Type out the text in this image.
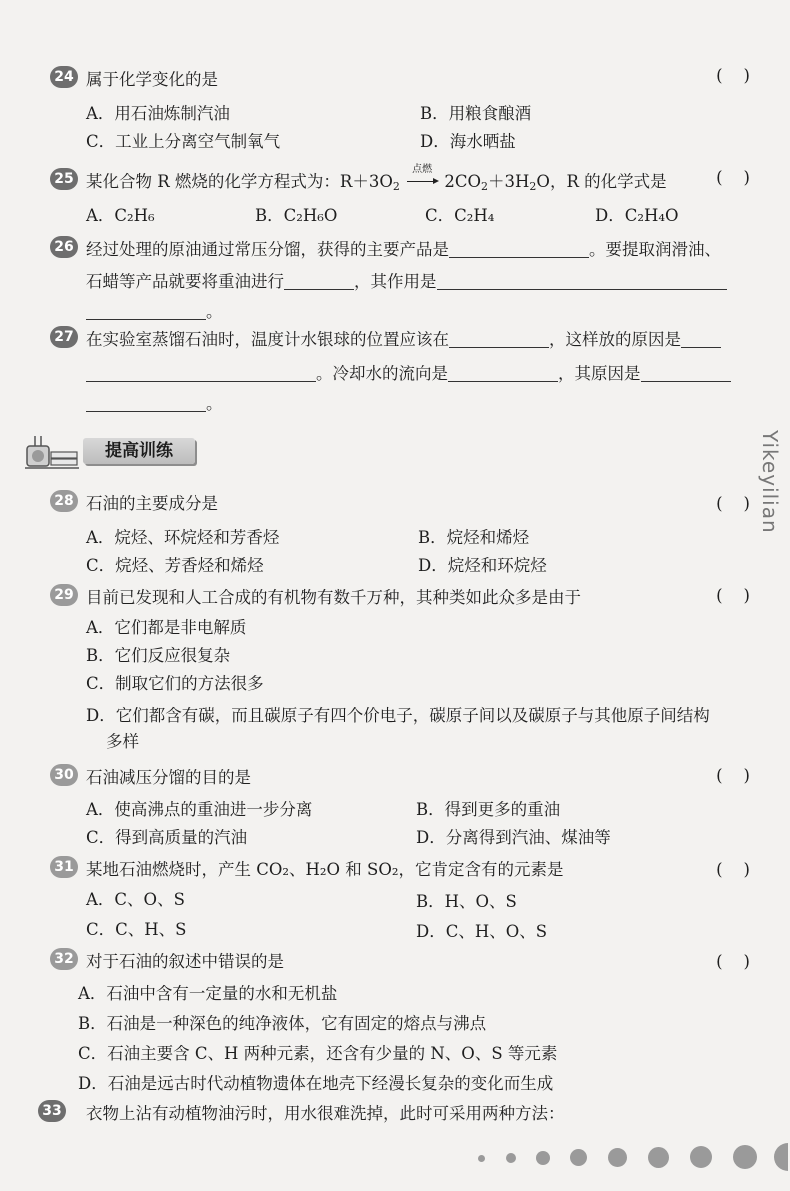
24 属于化学变化的是	(    )
A．用石油炼制汽油	B．用粮食酿酒
C．工业上分离空气制氧气	D．海水晒盐
25 某化合物 R 燃烧的化学方程式为：$R+3O_2$
点燃
$2CO_2+3H_2O$，R 的化学式是	(    )
A．C₂H₆	B．C₂H₆O	C．C₂H₄	D．C₂H₄O
26 经过处理的原油通过常压分馏，获得的主要产品是	。要提取润滑油、
石蜡等产品就要将重油进行	，其作用是
。
27 在实验室蒸馏石油时，温度计水银球的位置应该在	，这样放的原因是
。冷却水的流向是	，其原因是
。
提高训练	Yikeyilian
28 石油的主要成分是	(    )
A．烷烃、环烷烃和芳香烃	B．烷烃和烯烃
C．烷烃、芳香烃和烯烃	D．烷烃和环烷烃
29 目前已发现和人工合成的有机物有数千万种，其种类如此众多是由于	(    )
A．它们都是非电解质
B．它们反应很复杂
C．制取它们的方法很多
D．它们都含有碳，而且碳原子有四个价电子，碳原子间以及碳原子与其他原子间结构
多样
30 石油减压分馏的目的是	(    )
A．使高沸点的重油进一步分离	B．得到更多的重油
C．得到高质量的汽油	D．分离得到汽油、煤油等
31 某地石油燃烧时，产生 CO₂、H₂O 和 SO₂，它肯定含有的元素是	(    )
A．C、O、S	B．H、O、S
C．C、H、S	D．C、H、O、S
32 对于石油的叙述中错误的是	(    )
A．石油中含有一定量的水和无机盐
B．石油是一种深色的纯净液体，它有固定的熔点与沸点
C．石油主要含 C、H 两种元素，还含有少量的 N、O、S 等元素
D．石油是远古时代动植物遗体在地壳下经漫长复杂的变化而生成
33 衣物上沾有动植物油污时，用水很难洗掉，此时可采用两种方法：
